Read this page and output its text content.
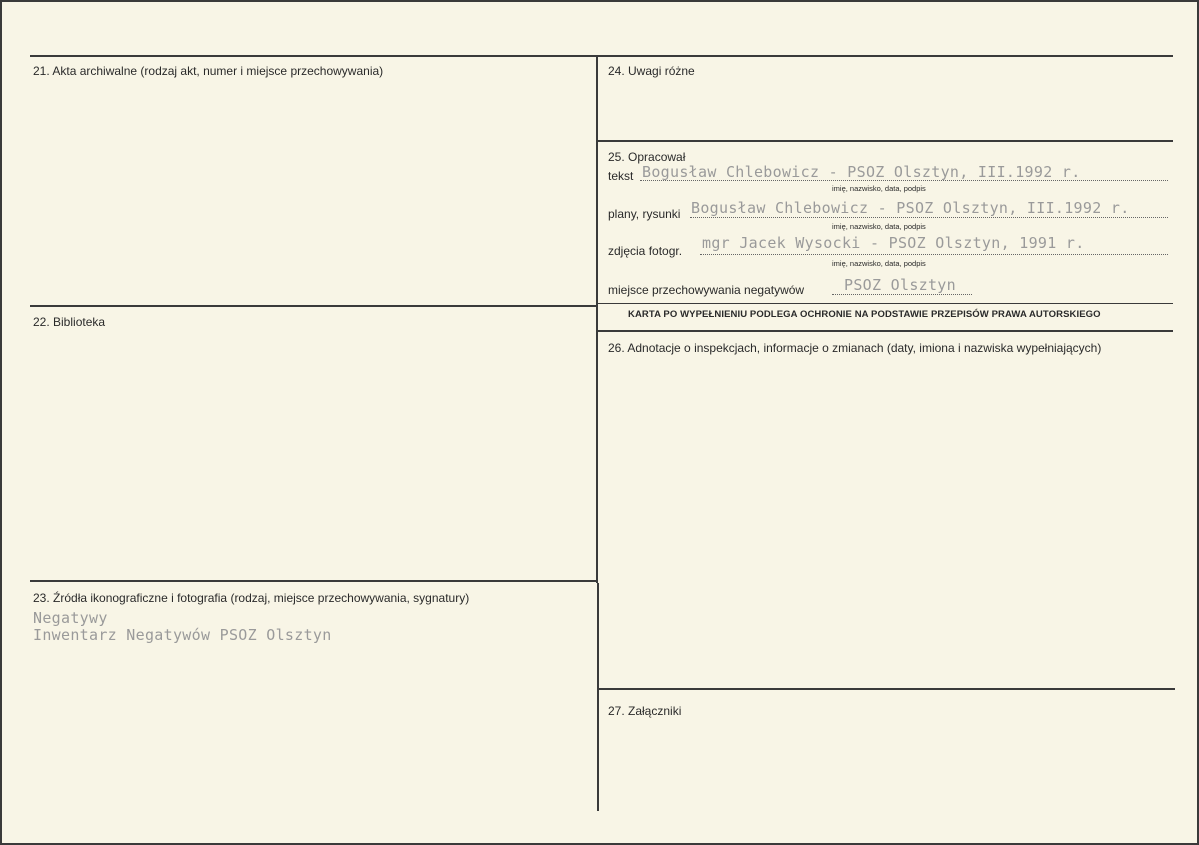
21. Akta archiwalne (rodzaj akt, numer i miejsce przechowywania)
22. Biblioteka
23. Źródła ikonograficzne i fotografia (rodzaj, miejsce przechowywania, sygnatury)
Negatywy
Inwentarz Negatywów PSOZ Olsztyn
24. Uwagi różne
25. Opracował
tekst Bogusław Chlebowicz - PSOZ Olsztyn, III.1992 r.
imię, nazwisko, data, podpis
plany, rysunki Bogusław Chlebowicz - PSOZ Olsztyn, III.1992 r.
imię, nazwisko, data, podpis
zdjęcia fotogr. mgr Jacek Wysocki - PSOZ Olsztyn, 1991 r.
imię, nazwisko, data, podpis
miejsce przechowywania negatywów	PSOZ Olsztyn
KARTA PO WYPEŁNIENIU PODLEGA OCHRONIE NA PODSTAWIE PRZEPISÓW PRAWA AUTORSKIEGO
26. Adnotacje o inspekcjach, informacje o zmianach (daty, imiona i nazwiska wypełniających)
27. Załączniki
